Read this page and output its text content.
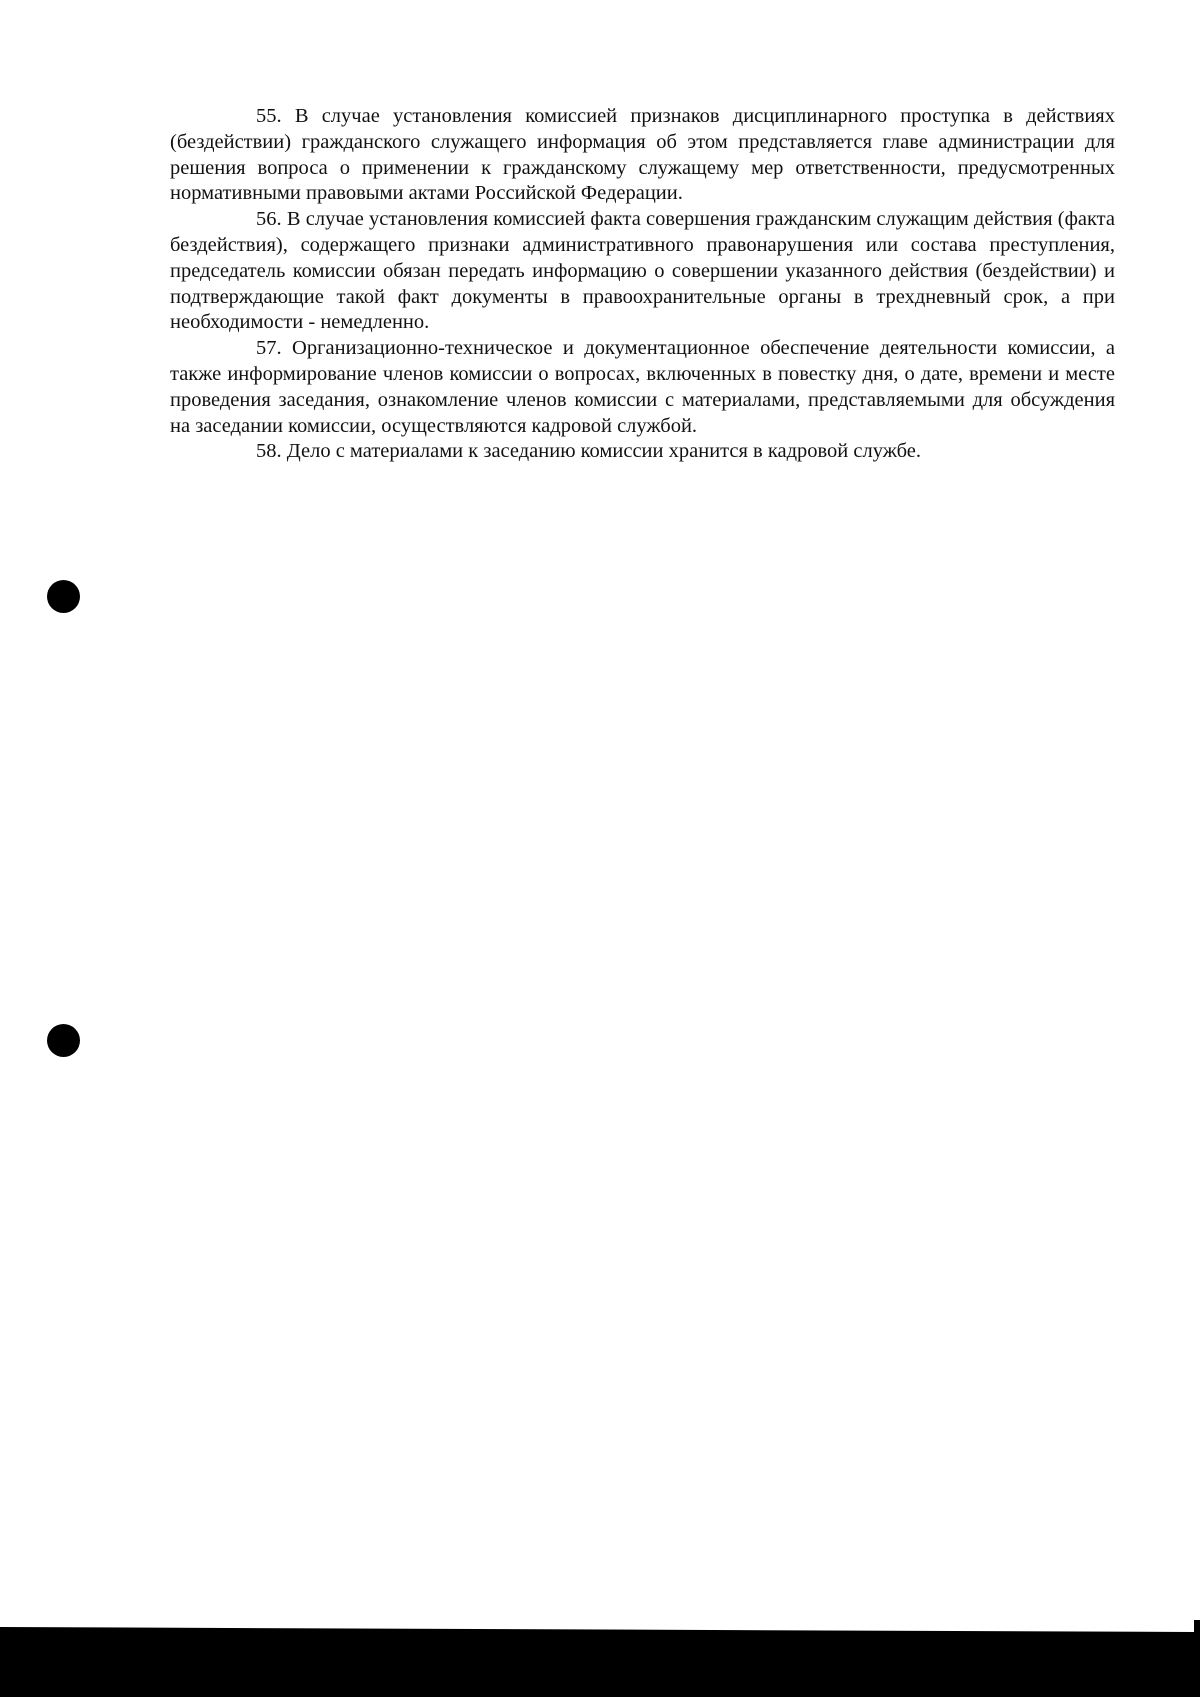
55. В случае установления комиссией признаков дисциплинарного проступка в действиях (бездействии) гражданского служащего информация об этом представляется главе администрации для решения вопроса о применении к гражданскому служащему мер ответственности, предусмотренных нормативными правовыми актами Российской Федерации.

56. В случае установления комиссией факта совершения гражданским служащим действия (факта бездействия), содержащего признаки административного правонарушения или состава преступления, председатель комиссии обязан передать информацию о совершении указанного действия (бездействии) и подтверждающие такой факт документы в правоохранительные органы в трехдневный срок, а при необходимости - немедленно.

57. Организационно-техническое и документационное обеспечение деятельности комиссии, а также информирование членов комиссии о вопросах, включенных в повестку дня, о дате, времени и месте проведения заседания, ознакомление членов комиссии с материалами, представляемыми для обсуждения на заседании комиссии, осуществляются кадровой службой.

58. Дело с материалами к заседанию комиссии хранится в кадровой службе.
